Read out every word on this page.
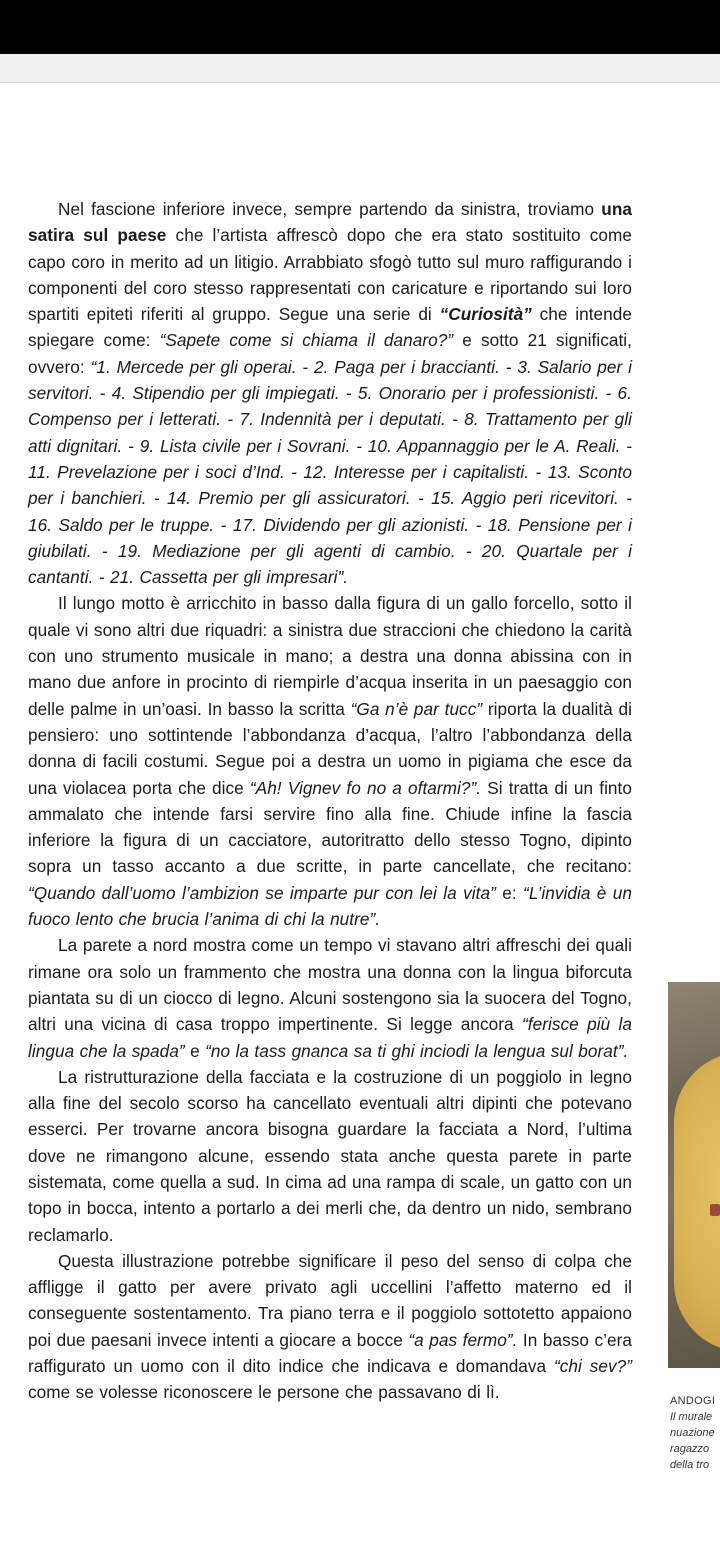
Nel fascione inferiore invece, sempre partendo da sinistra, troviamo una satira sul paese che l’artista affrescò dopo che era stato sostituito come capo coro in merito ad un litigio. Arrabbiato sfogò tutto sul muro raffigurando i componenti del coro stesso rappresentati con caricature e riportando sui loro spartiti epiteti riferiti al gruppo. Segue una serie di “Curiosità” che intende spiegare come: “Sapete come si chiama il danaro?” e sotto 21 significati, ovvero: “1. Mercede per gli operai. - 2. Paga per i braccianti. - 3. Salario per i servitori. - 4. Stipendio per gli impiegati. - 5. Onorario per i professionisti. - 6. Compenso per i letterati. - 7. Indennità per i deputati. - 8. Trattamento per gli atti dignitari. - 9. Lista civile per i Sovrani. - 10. Appannaggio per le A. Reali. - 11. Prevelazione per i soci d’Ind. - 12. Interesse per i capitalisti. - 13. Sconto per i banchieri. - 14. Premio per gli assicuratori. - 15. Aggio peri ricevitori. - 16. Saldo per le truppe. - 17. Dividendo per gli azionisti. - 18. Pensione per i giubilati. - 19. Mediazione per gli agenti di cambio. - 20. Quartale per i cantanti. - 21. Cassetta per gli impresari”.

Il lungo motto è arricchito in basso dalla figura di un gallo forcello, sotto il quale vi sono altri due riquadri: a sinistra due straccioni che chiedono la carità con uno strumento musicale in mano; a destra una donna abissina con in mano due anfore in procinto di riempirle d’acqua inserita in un paesaggio con delle palme in un’oasi. In basso la scritta “Ga n’è par tucc” riporta la dualità di pensiero: uno sottintende l’abbondanza d’acqua, l’altro l’abbondanza della donna di facili costumi. Segue poi a destra un uomo in pigiama che esce da una violacea porta che dice “Ah! Vignev fo no a oftarmi?”. Si tratta di un finto ammalato che intende farsi servire fino alla fine. Chiude infine la fascia inferiore la figura di un cacciatore, autoritratto dello stesso Togno, dipinto sopra un tasso accanto a due scritte, in parte cancellate, che recitano: “Quando dall’uomo l’ambizion se imparte pur con lei la vita” e: “L’invidia è un fuoco lento che brucia l’anima di chi la nutre”.

La parete a nord mostra come un tempo vi stavano altri affreschi dei quali rimane ora solo un frammento che mostra una donna con la lingua biforcuta piantata su di un ciocco di legno. Alcuni sostengono sia la suocera del Togno, altri una vicina di casa troppo impertinente. Si legge ancora “ferisce più la lingua che la spada” e “no la tass gnanca sa ti ghi inciodi la lengua sul borat”.

La ristrutturazione della facciata e la costruzione di un poggiolo in legno alla fine del secolo scorso ha cancellato eventuali altri dipinti che potevano esserci. Per trovarne ancora bisogna guardare la facciata a Nord, l’ultima dove ne rimangono alcune, essendo stata anche questa parete in parte sistemata, come quella a sud. In cima ad una rampa di scale, un gatto con un topo in bocca, intento a portarlo a dei merli che, da dentro un nido, sembrano reclamarlo.

Questa illustrazione potrebbe significare il peso del senso di colpa che affligge il gatto per avere privato agli uccellini l’affetto materno ed il conseguente sostentamento. Tra piano terra e il poggiolo sottotetto appaiono poi due paesani invece intenti a giocare a bocce “a pas fermo”. In basso c’era raffigurato un uomo con il dito indice che indicava e domandava “chi sev?” come se volesse riconoscere le persone che passavano di lì.	ANDOGI
Il murale
nuazione
ragazzo
della tro
